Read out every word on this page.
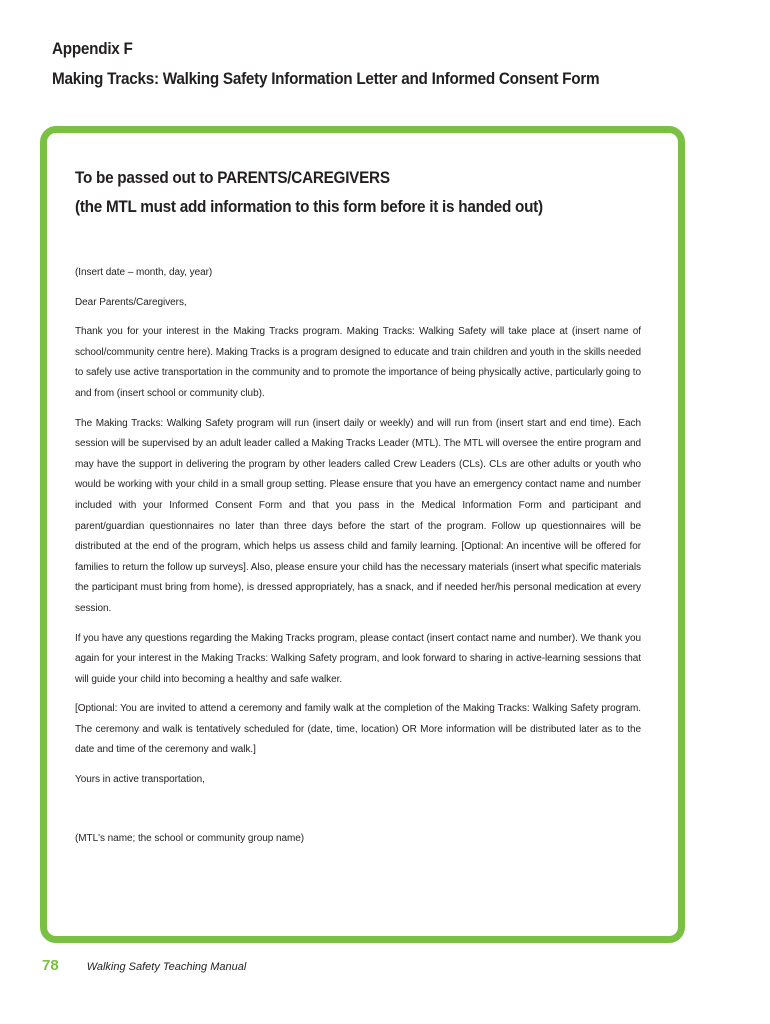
Appendix F
Making Tracks: Walking Safety Information Letter and Informed Consent Form
To be passed out to PARENTS/CAREGIVERS
(the MTL must add information to this form before it is handed out)

(Insert date – month, day, year)

Dear Parents/Caregivers,

Thank you for your interest in the Making Tracks program. Making Tracks: Walking Safety will take place at (insert name of school/community centre here). Making Tracks is a program designed to educate and train children and youth in the skills needed to safely use active transportation in the community and to promote the importance of being physically active, particularly going to and from (insert school or community club).

The Making Tracks: Walking Safety program will run (insert daily or weekly) and will run from (insert start and end time). Each session will be supervised by an adult leader called a Making Tracks Leader (MTL). The MTL will oversee the entire program and may have the support in delivering the program by other leaders called Crew Leaders (CLs). CLs are other adults or youth who would be working with your child in a small group setting. Please ensure that you have an emergency contact name and number included with your Informed Consent Form and that you pass in the Medical Information Form and participant and parent/guardian questionnaires no later than three days before the start of the program. Follow up questionnaires will be distributed at the end of the program, which helps us assess child and family learning. [Optional: An incentive will be offered for families to return the follow up surveys]. Also, please ensure your child has the necessary materials (insert what specific materials the participant must bring from home), is dressed appropriately, has a snack, and if needed her/his personal medication at every session.

If you have any questions regarding the Making Tracks program, please contact (insert contact name and number). We thank you again for your interest in the Making Tracks: Walking Safety program, and look forward to sharing in active-learning sessions that will guide your child into becoming a healthy and safe walker.

[Optional: You are invited to attend a ceremony and family walk at the completion of the Making Tracks: Walking Safety program. The ceremony and walk is tentatively scheduled for (date, time, location) OR More information will be distributed later as to the date and time of the ceremony and walk.]

Yours in active transportation,

(MTL's name; the school or community group name)

78	Walking Safety Teaching Manual
